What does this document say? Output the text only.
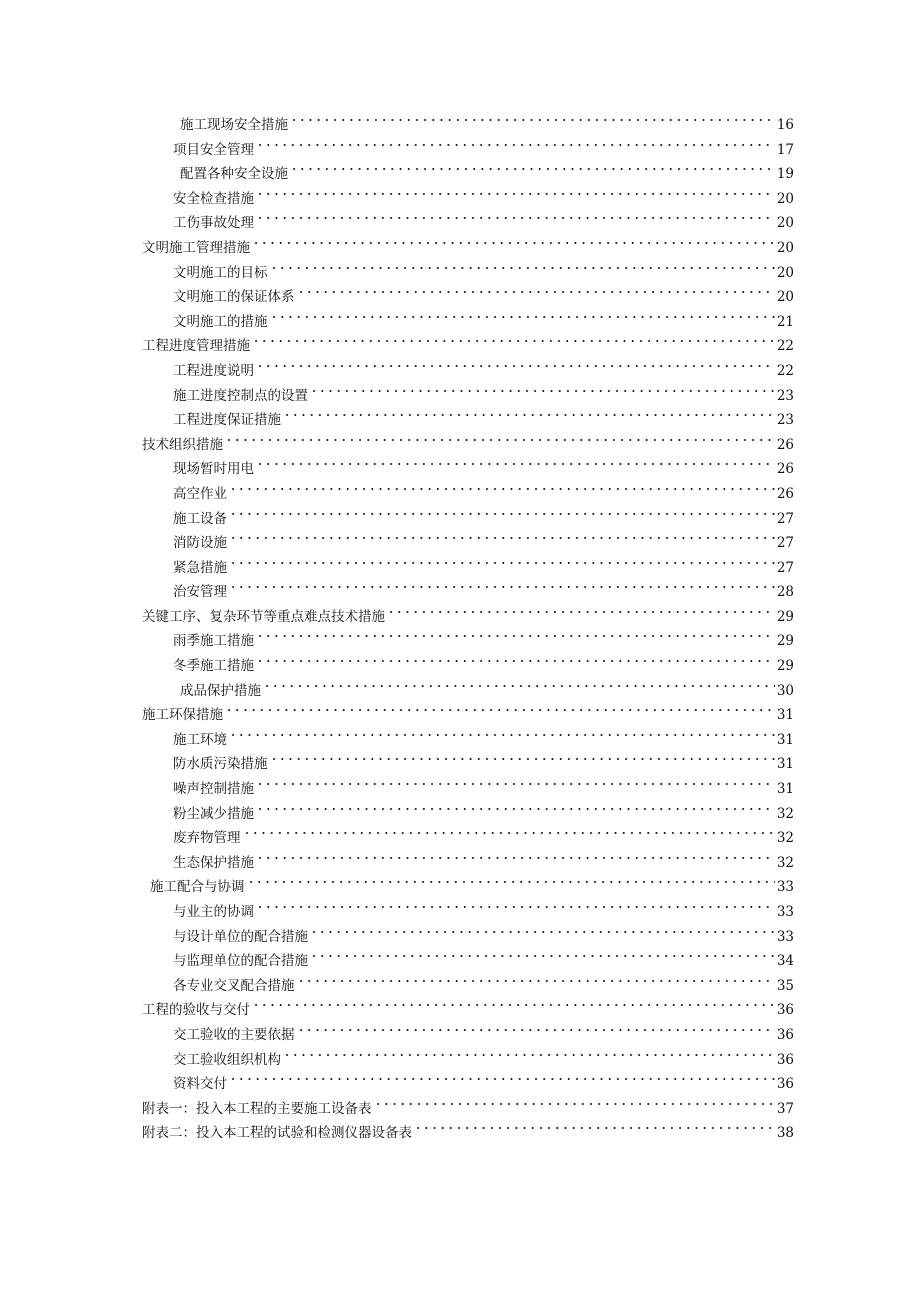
施工现场安全措施	16
项目安全管理	17
配置各种安全设施	19
安全检查措施	20
工伤事故处理	20
文明施工管理措施	20
文明施工的目标	20
文明施工的保证体系	20
文明施工的措施	21
工程进度管理措施	22
工程进度说明	22
施工进度控制点的设置	23
工程进度保证措施	23
技术组织措施	26
现场暂时用电	26
高空作业	26
施工设备	27
消防设施	27
紧急措施	27
治安管理	28
关键工序、复杂环节等重点难点技术措施	29
雨季施工措施	29
冬季施工措施	29
成品保护措施	30
施工环保措施	31
施工环境	31
防水质污染措施	31
噪声控制措施	31
粉尘减少措施	32
废弃物管理	32
生态保护措施	32
施工配合与协调	33
与业主的协调	33
与设计单位的配合措施	33
与监理单位的配合措施	34
各专业交叉配合措施	35
工程的验收与交付	36
交工验收的主要依据	36
交工验收组织机构	36
资料交付	36
附表一：投入本工程的主要施工设备表	37
附表二：投入本工程的试验和检测仪器设备表	38
